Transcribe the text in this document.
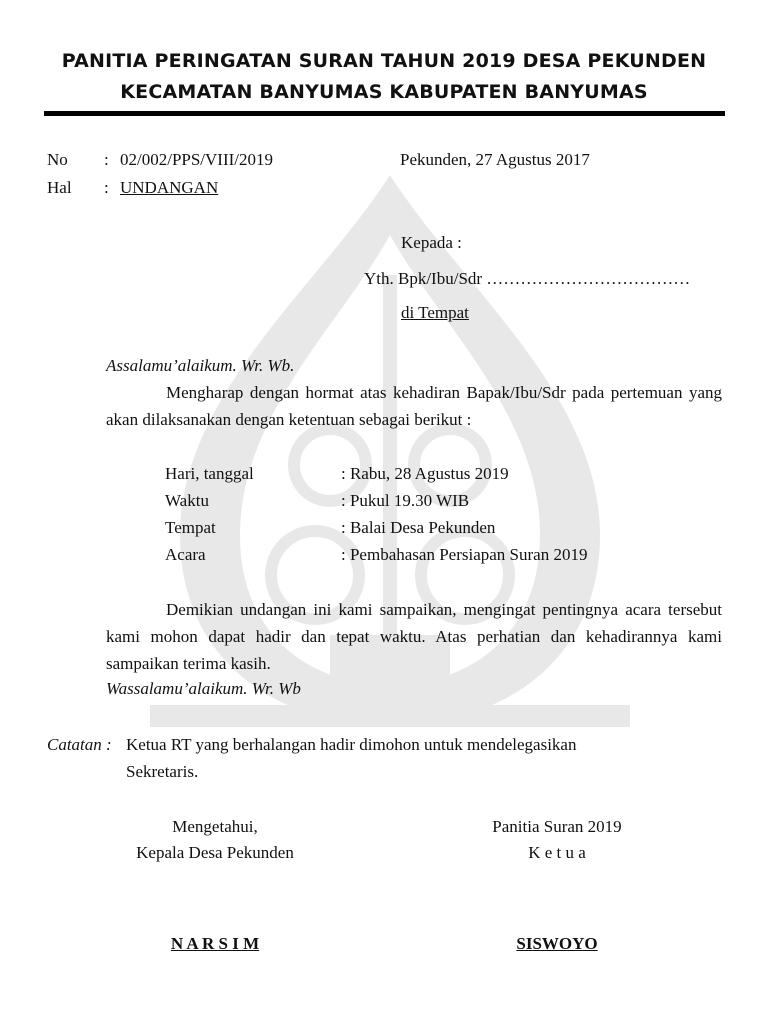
PANITIA PERINGATAN SURAN TAHUN 2019 DESA PEKUNDEN
KECAMATAN BANYUMAS KABUPATEN BANYUMAS
No : 02/002/PPS/VIII/2019	Pekunden, 27 Agustus 2017
Hal : UNDANGAN
Kepada :
Yth. Bpk/Ibu/Sdr ………………………………
di Tempat
Assalamu’alaikum. Wr. Wb.
Mengharap dengan hormat atas kehadiran Bapak/Ibu/Sdr pada pertemuan yang akan dilaksanakan dengan ketentuan sebagai berikut :
Hari, tanggal	: Rabu, 28 Agustus 2019
Waktu	: Pukul 19.30 WIB
Tempat	: Balai Desa Pekunden
Acara	: Pembahasan Persiapan Suran 2019
Demikian undangan ini kami sampaikan, mengingat pentingnya acara tersebut kami mohon dapat hadir dan tepat waktu. Atas perhatian dan kehadirannya kami sampaikan terima kasih.
Wassalamu’alaikum. Wr. Wb
Catatan : Ketua RT yang berhalangan hadir dimohon untuk mendelegasikan
Sekretaris.
Mengetahui,
Kepala Desa Pekunden
N A R S I M
Panitia Suran 2019
K e t u a
SISWOYO
